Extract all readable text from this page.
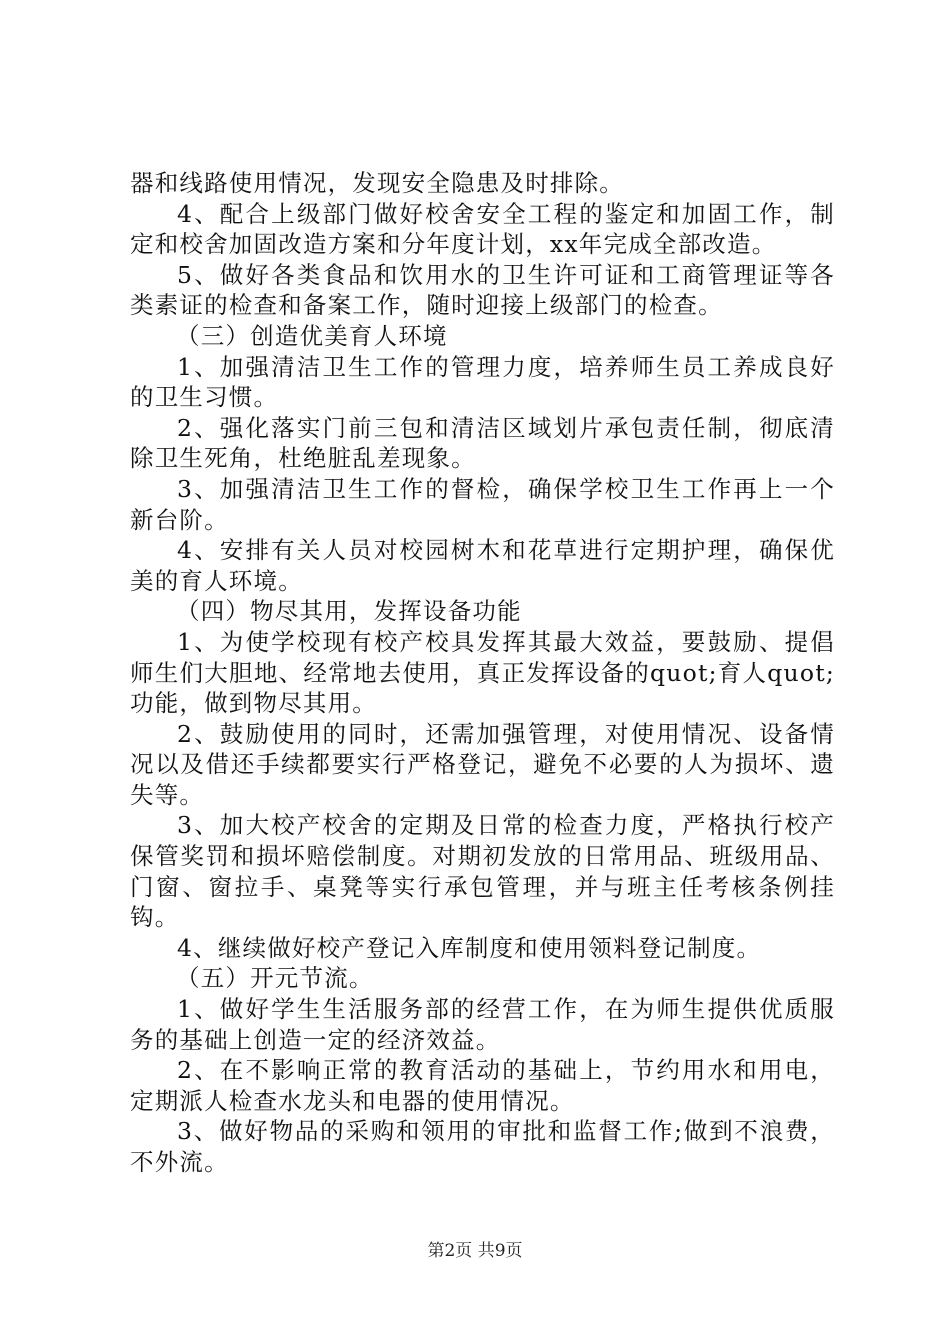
器和线路使用情况，发现安全隐患及时排除。

4、配合上级部门做好校舍安全工程的鉴定和加固工作，制定和校舍加固改造方案和分年度计划，xx年完成全部改造。

5、做好各类食品和饮用水的卫生许可证和工商管理证等各类素证的检查和备案工作，随时迎接上级部门的检查。

（三）创造优美育人环境

1、加强清洁卫生工作的管理力度，培养师生员工养成良好的卫生习惯。

2、强化落实门前三包和清洁区域划片承包责任制，彻底清除卫生死角，杜绝脏乱差现象。

3、加强清洁卫生工作的督检，确保学校卫生工作再上一个新台阶。

4、安排有关人员对校园树木和花草进行定期护理，确保优美的育人环境。

（四）物尽其用，发挥设备功能

1、为使学校现有校产校具发挥其最大效益，要鼓励、提倡师生们大胆地、经常地去使用，真正发挥设备的quot;育人quot;功能，做到物尽其用。

2、鼓励使用的同时，还需加强管理，对使用情况、设备情况以及借还手续都要实行严格登记，避免不必要的人为损坏、遗失等。

3、加大校产校舍的定期及日常的检查力度，严格执行校产保管奖罚和损坏赔偿制度。对期初发放的日常用品、班级用品、门窗、窗拉手、桌凳等实行承包管理，并与班主任考核条例挂钩。

4、继续做好校产登记入库制度和使用领料登记制度。

（五）开元节流。

1、做好学生生活服务部的经营工作，在为师生提供优质服务的基础上创造一定的经济效益。

2、在不影响正常的教育活动的基础上，节约用水和用电，定期派人检查水龙头和电器的使用情况。

3、做好物品的采购和领用的审批和监督工作;做到不浪费，不外流。

第2页 共9页
